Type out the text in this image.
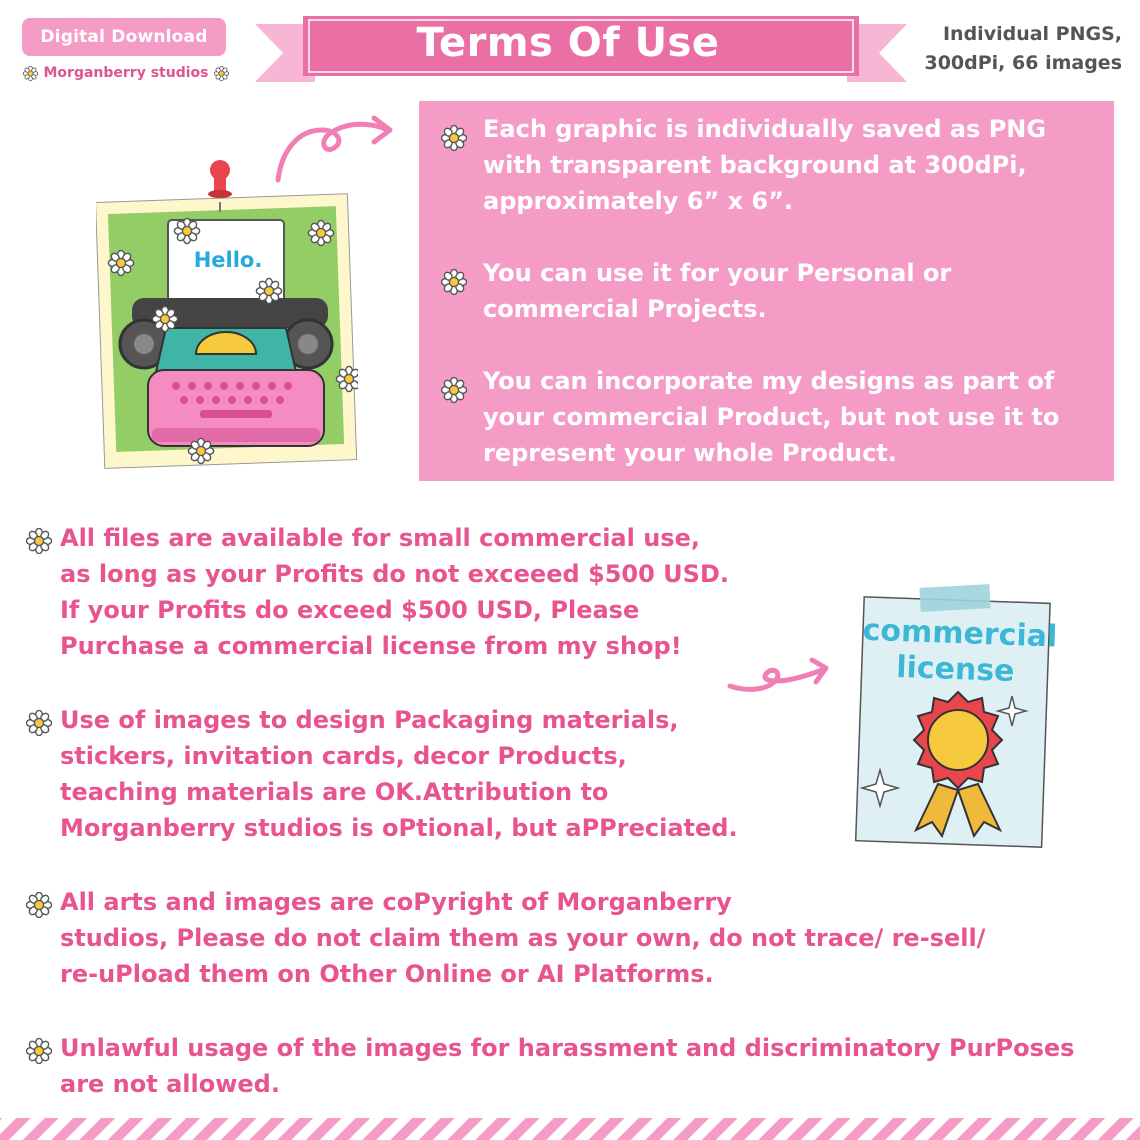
Digital Download
Morganberry studios
Terms Of Use	Individual PNGS,
300dPi, 66 images
Hello.

Each graphic is individually saved as PNG with transparent background at 300dPi, approximately 6” x 6”.

You can use it for your Personal or commercial Projects.

You can incorporate my designs as part of your commercial Product, but not use it to represent your whole Product.

All files are available for small commercial use,
as long as your Profits do not exceeed $500 USD.
If your Profits do exceed $500 USD, Please
Purchase a commercial license from my shop!

Use of images to design Packaging materials,
stickers, invitation cards, decor Products,
teaching materials are OK.Attribution to
Morganberry studios is oPtional, but aPPreciated.

All arts and images are coPyright of Morganberry
studios, Please do not claim them as your own, do not trace/ re-sell/
re-uPload them on Other Online or AI Platforms.

Unlawful usage of the images for harassment and discriminatory PurPoses
are not allowed.

commercial
license
